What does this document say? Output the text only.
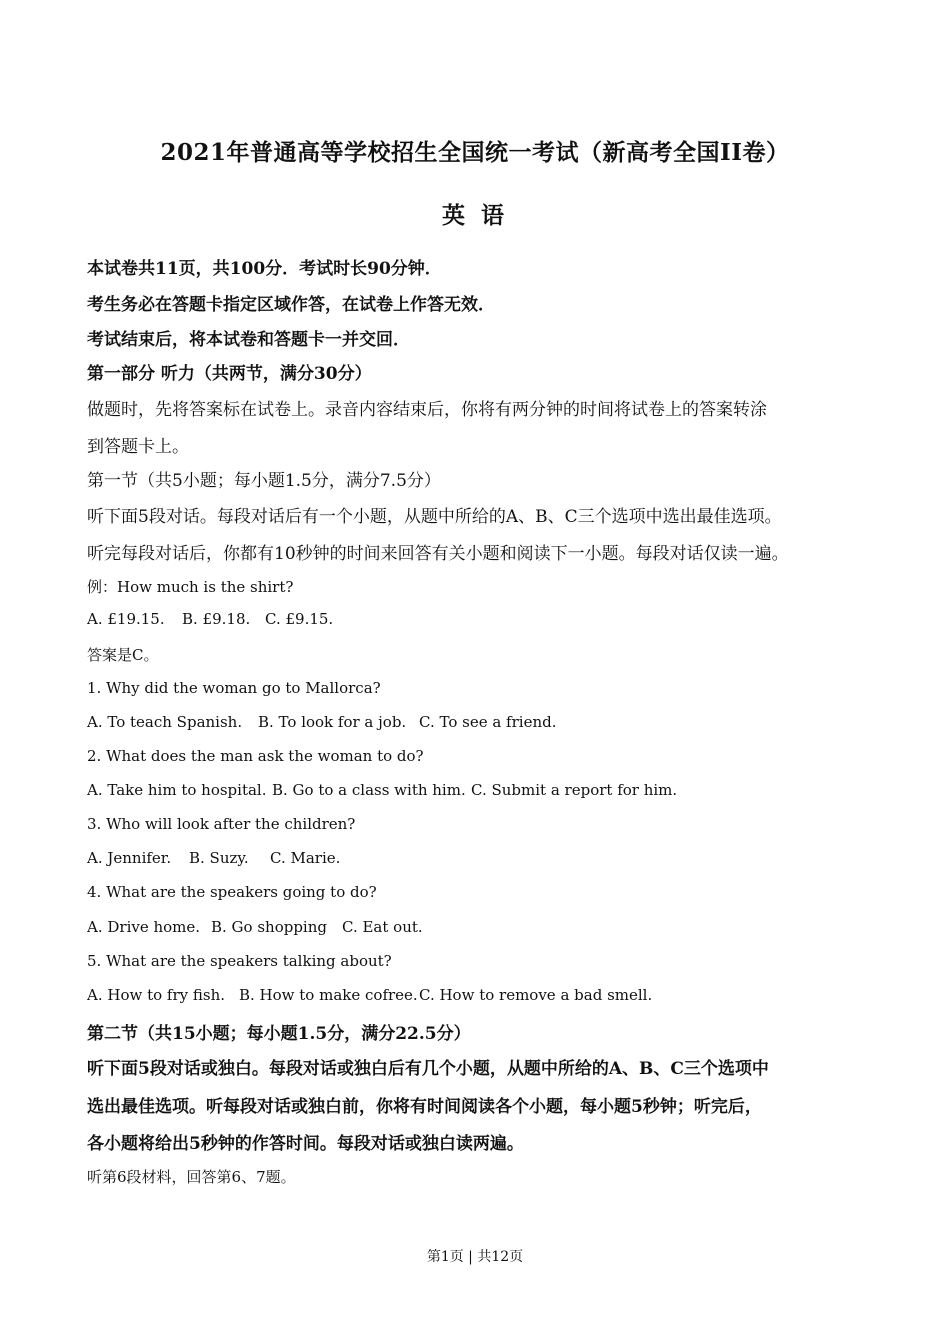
2021年普通高等学校招生全国统一考试（新高考全国II卷）
英 语
本试卷共11页，共100分．考试时长90分钟．
考生务必在答题卡指定区域作答，在试卷上作答无效．
考试结束后，将本试卷和答题卡一并交回．
第一部分 听力（共两节，满分30分）
做题时，先将答案标在试卷上。录音内容结束后，你将有两分钟的时间将试卷上的答案转涂
到答题卡上。
第一节（共5小题；每小题1.5分，满分7.5分）
听下面5段对话。每段对话后有一个小题，从题中所给的A、B、C三个选项中选出最佳选项。
听完每段对话后，你都有10秒钟的时间来回答有关小题和阅读下一小题。每段对话仅读一遍。
例：How much is the shirt?
A. £19.15. B. £9.18. C. £9.15.
答案是C。
1. Why did the woman go to Mallorca?
A. To teach Spanish. B. To look for a job. C. To see a friend.
2. What does the man ask the woman to do?
A. Take him to hospital. B. Go to a class with him. C. Submit a report for him.
3. Who will look after the children?
A. Jennifer. B. Suzy. C. Marie.
4. What are the speakers going to do?
A. Drive home. B. Go shopping C. Eat out.
5. What are the speakers talking about?
A. How to fry fish. B. How to make cofree.C. How to remove a bad smell.
第二节（共15小题；每小题1.5分，满分22.5分）
听下面5段对话或独白。每段对话或独白后有几个小题，从题中所给的A、B、C三个选项中
选出最佳选项。听每段对话或独白前，你将有时间阅读各个小题，每小题5秒钟；听完后，
各小题将给出5秒钟的作答时间。每段对话或独白读两遍。
听第6段材料，回答第6、7题。
第1页 | 共12页
